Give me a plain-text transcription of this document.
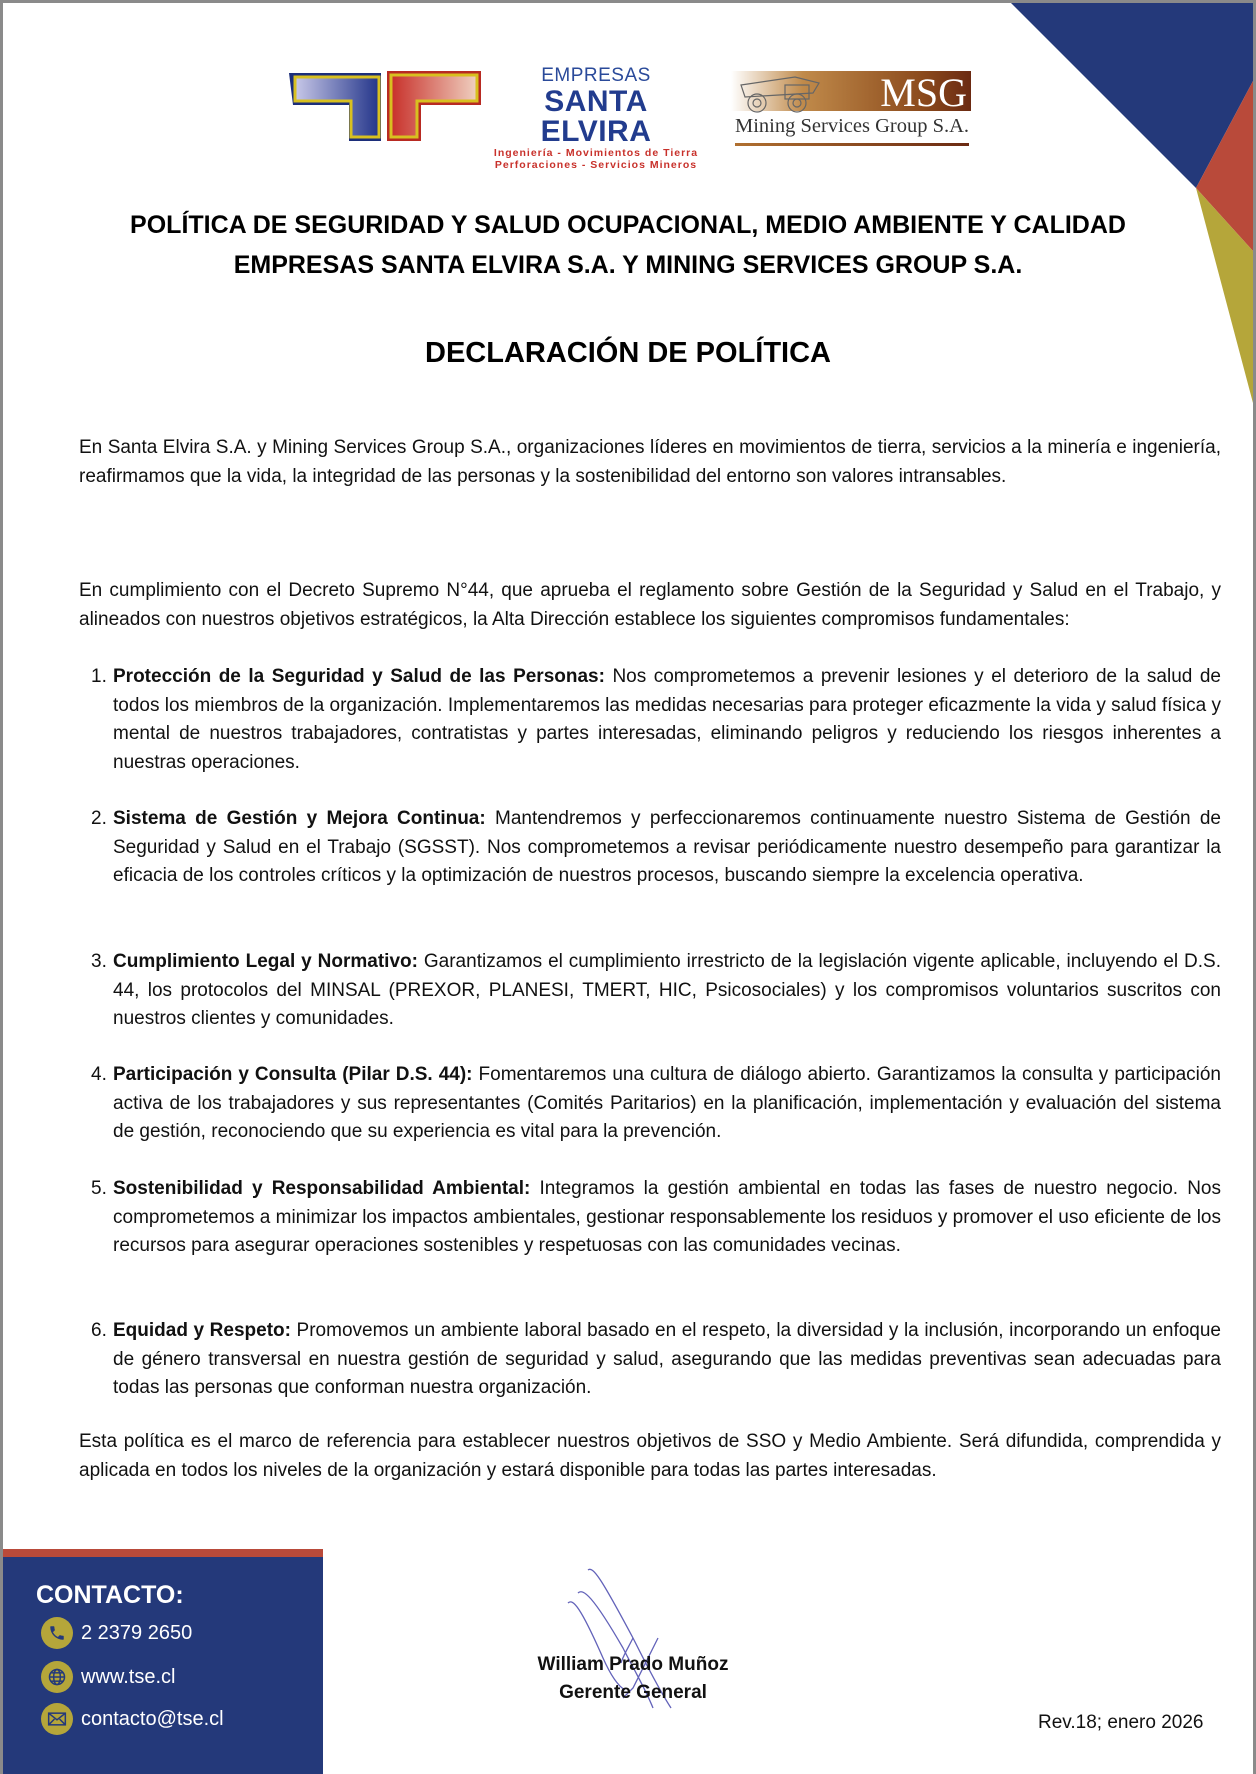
EMPRESAS
SANTA ELVIRA
Ingeniería - Movimientos de Tierra
Perforaciones - Servicios Mineros
MSG
Mining Services Group S.A.
POLÍTICA DE SEGURIDAD Y SALUD OCUPACIONAL, MEDIO AMBIENTE Y CALIDAD
EMPRESAS SANTA ELVIRA S.A. Y MINING SERVICES GROUP S.A.
DECLARACIÓN DE POLÍTICA
En Santa Elvira S.A. y Mining Services Group S.A., organizaciones líderes en movimientos de tierra, servicios a la minería e ingeniería, reafirmamos que la vida, la integridad de las personas y la sostenibilidad del entorno son valores intransables.
En cumplimiento con el Decreto Supremo N°44, que aprueba el reglamento sobre Gestión de la Seguridad y Salud en el Trabajo, y alineados con nuestros objetivos estratégicos, la Alta Dirección establece los siguientes compromisos fundamentales:
1. Protección de la Seguridad y Salud de las Personas: Nos comprometemos a prevenir lesiones y el deterioro de la salud de todos los miembros de la organización. Implementaremos las medidas necesarias para proteger eficazmente la vida y salud física y mental de nuestros trabajadores, contratistas y partes interesadas, eliminando peligros y reduciendo los riesgos inherentes a nuestras operaciones.
2. Sistema de Gestión y Mejora Continua: Mantendremos y perfeccionaremos continuamente nuestro Sistema de Gestión de Seguridad y Salud en el Trabajo (SGSST). Nos comprometemos a revisar periódicamente nuestro desempeño para garantizar la eficacia de los controles críticos y la optimización de nuestros procesos, buscando siempre la excelencia operativa.
3. Cumplimiento Legal y Normativo: Garantizamos el cumplimiento irrestricto de la legislación vigente aplicable, incluyendo el D.S. 44, los protocolos del MINSAL (PREXOR, PLANESI, TMERT, HIC, Psicosociales) y los compromisos voluntarios suscritos con nuestros clientes y comunidades.
4. Participación y Consulta (Pilar D.S. 44): Fomentaremos una cultura de diálogo abierto. Garantizamos la consulta y participación activa de los trabajadores y sus representantes (Comités Paritarios) en la planificación, implementación y evaluación del sistema de gestión, reconociendo que su experiencia es vital para la prevención.
5. Sostenibilidad y Responsabilidad Ambiental: Integramos la gestión ambiental en todas las fases de nuestro negocio. Nos comprometemos a minimizar los impactos ambientales, gestionar responsablemente los residuos y promover el uso eficiente de los recursos para asegurar operaciones sostenibles y respetuosas con las comunidades vecinas.
6. Equidad y Respeto: Promovemos un ambiente laboral basado en el respeto, la diversidad y la inclusión, incorporando un enfoque de género transversal en nuestra gestión de seguridad y salud, asegurando que las medidas preventivas sean adecuadas para todas las personas que conforman nuestra organización.
Esta política es el marco de referencia para establecer nuestros objetivos de SSO y Medio Ambiente. Será difundida, comprendida y aplicada en todos los niveles de la organización y estará disponible para todas las partes interesadas.
CONTACTO:
2 2379 2650
www.tse.cl
contacto@tse.cl
William Prado Muñoz
Gerente General
Rev.18; enero 2026
